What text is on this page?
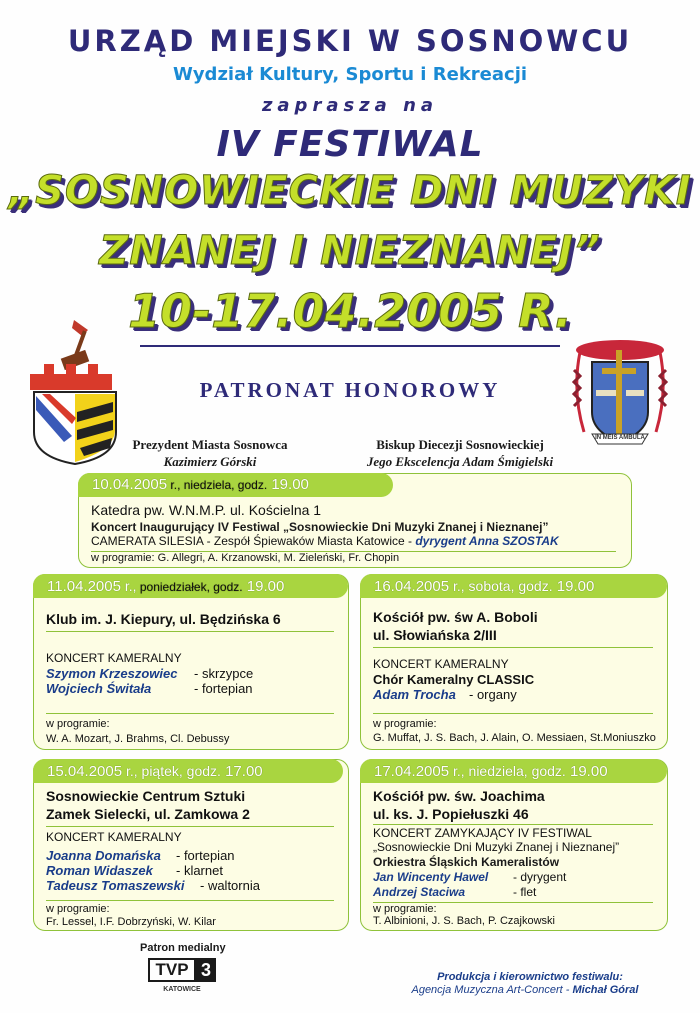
URZĄD MIEJSKI W SOSNOWCU
Wydział Kultury, Sportu i Rekreacji
zaprasza na
IV FESTIWAL
„SOSNOWIECKIE DNI MUZYKI
ZNANEJ I NIEZNANEJ”
10-17.04.2005 R.
IN MEIS AMBULA
PATRONAT HONOROWY
Prezydent Miasta Sosnowca
Kazimierz Górski
Biskup Diecezji Sosnowieckiej
Jego Ekscelencja Adam Śmigielski
10.04.2005 r., niedziela, godz. 19.00
Katedra pw. W.N.M.P. ul. Kościelna 1
Koncert Inaugurujący IV Festiwal „Sosnowieckie Dni Muzyki Znanej i Nieznanej”
CAMERATA SILESIA - Zespół Śpiewaków Miasta Katowice - dyrygent Anna SZOSTAK
w programie: G. Allegri, A. Krzanowski, M. Zieleński, Fr. Chopin
11.04.2005 r., poniedziałek, godz. 19.00
Klub im. J. Kiepury, ul. Będzińska 6
KONCERT KAMERALNY
Szymon Krzeszowiec - skrzypce
Wojciech Świtała	- fortepian
w programie:
W. A. Mozart, J. Brahms, Cl. Debussy
16.04.2005 r., sobota, godz. 19.00
Kościół pw. św A. Boboli
ul. Słowiańska 2/III
KONCERT KAMERALNY
Chór Kameralny CLASSIC
Adam Trocha - organy
w programie:
G. Muffat, J. S. Bach, J. Alain, O. Messiaen, St.Moniuszko
15.04.2005 r., piątek, godz. 17.00
Sosnowieckie Centrum Sztuki
Zamek Sielecki, ul. Zamkowa 2
KONCERT KAMERALNY
Joanna Domańska - fortepian
Roman Widaszek - klarnet
Tadeusz Tomaszewski - waltornia
w programie:
Fr. Lessel, I.F. Dobrzyński, W. Kilar
17.04.2005 r., niedziela, godz. 19.00
Kościół pw. św. Joachima
ul. ks. J. Popiełuszki 46
KONCERT ZAMYKAJĄCY IV FESTIWAL
„Sosnowieckie Dni Muzyki Znanej i Nieznanej”
Orkiestra Śląskich Kameralistów
Jan Wincenty Hawel - dyrygent
Andrzej Staciwa	- flet
w programie:
T. Albinioni, J. S. Bach, P. Czajkowski
Patron medialny
TVP 3
KATOWICE
Produkcja i kierownictwo festiwalu:
Agencja Muzyczna Art-Concert - Michał Góral
